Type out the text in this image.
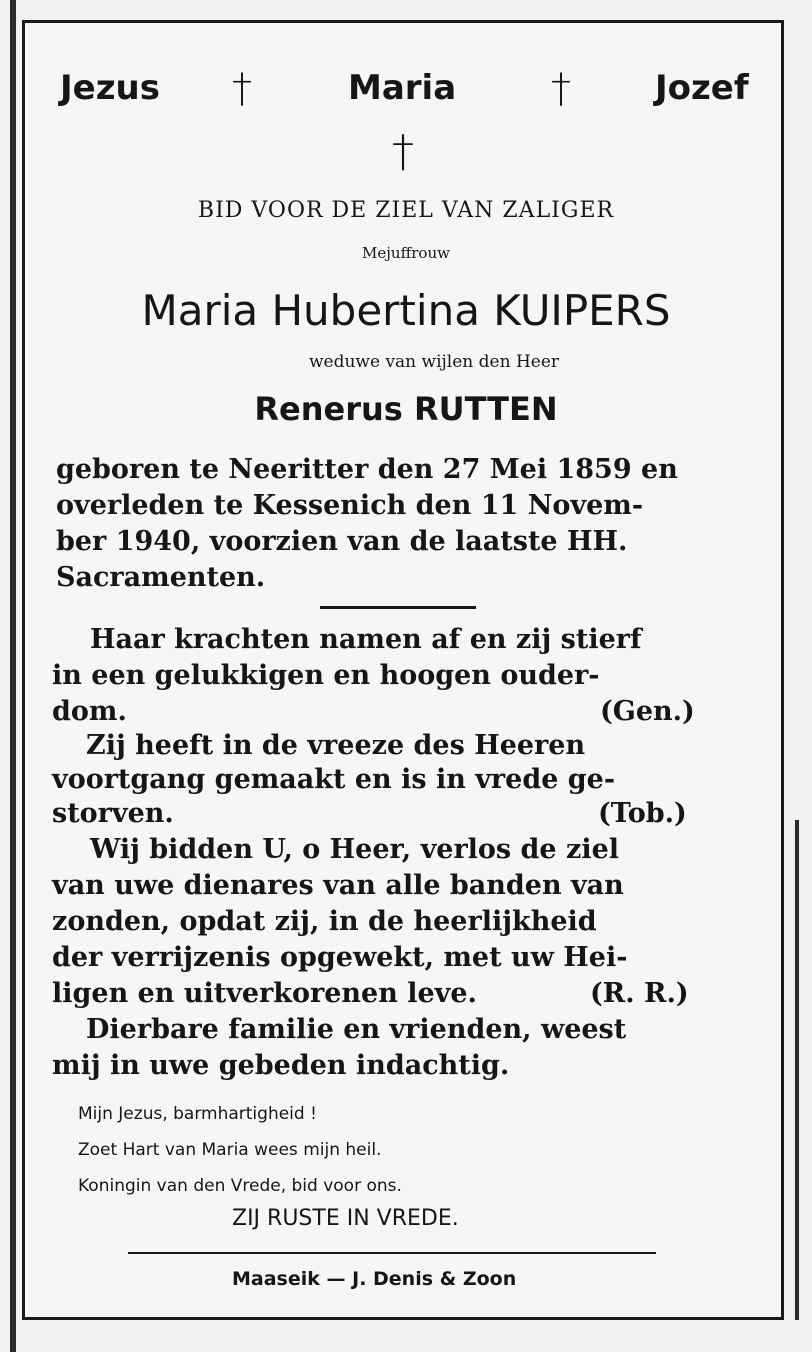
Jezus †	Maria † Jozef
†
BID VOOR DE ZIEL VAN ZALIGER
Mejuffrouw
Maria Hubertina KUIPERS
weduwe van wijlen den Heer
Renerus RUTTEN
geboren te Neeritter den 27 Mei 1859 en
overleden te Kessenich den 11 Novem-
ber 1940, voorzien van de laatste HH.
Sacramenten.
Haar krachten namen af en zij stierf
in een gelukkigen en hoogen ouder-
dom.	(Gen.)
Zij heeft in de vreeze des Heeren
voortgang gemaakt en is in vrede ge-
storven.	(Tob.)
Wij bidden U, o Heer, verlos de ziel
van uwe dienares van alle banden van
zonden, opdat zij, in de heerlijkheid
der verrijzenis opgewekt, met uw Hei-
ligen en uitverkorenen leve.	(R. R.)
Dierbare familie en vrienden, weest
mij in uwe gebeden indachtig.
Mijn Jezus, barmhartigheid !
Zoet Hart van Maria wees mijn heil.
Koningin van den Vrede, bid voor ons.
ZIJ RUSTE IN VREDE.
Maaseik — J. Denis & Zoon
